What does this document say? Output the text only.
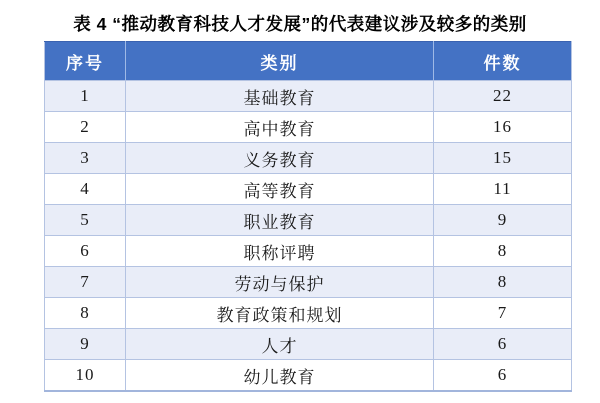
表 4 “推动教育科技人才发展”的代表建议涉及较多的类别
序号	类别	件数
1	基础教育	22
2	高中教育	16
3	义务教育	15
4	高等教育	11
5	职业教育	9
6	职称评聘	8
7	劳动与保护	8
8	教育政策和规划	7
9	人才	6
10	幼儿教育	6
